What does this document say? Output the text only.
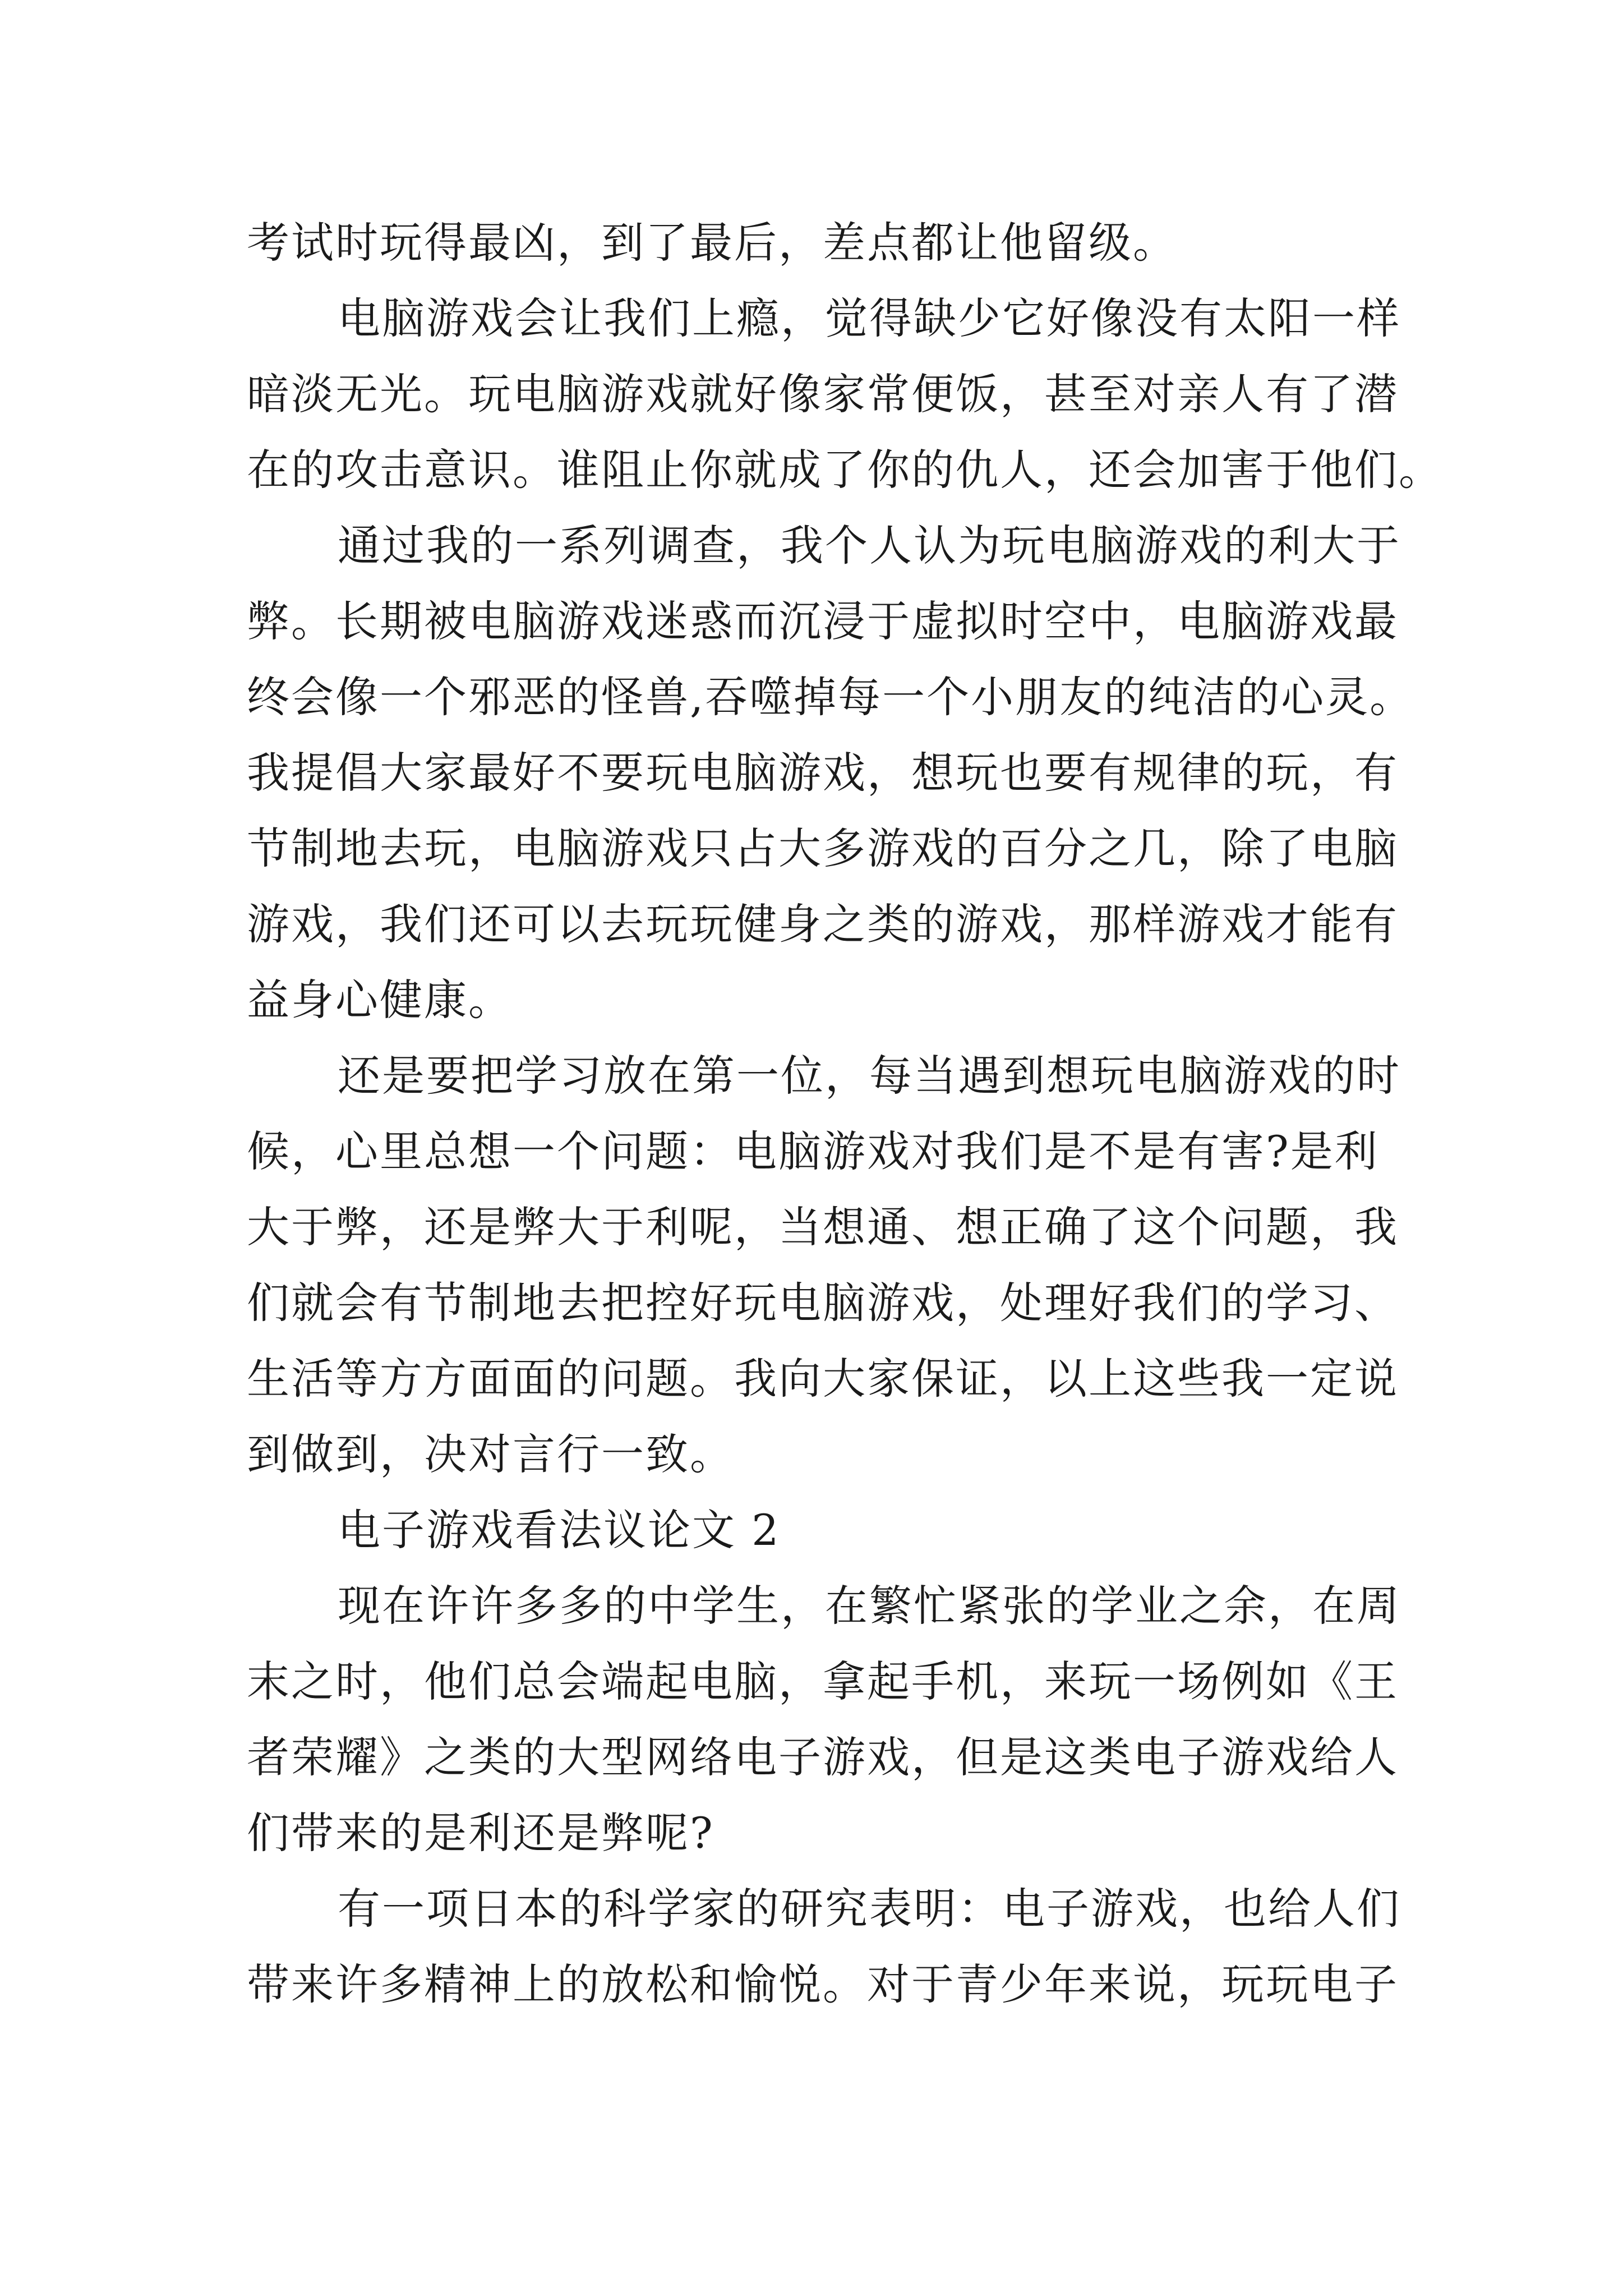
考试时玩得最凶，到了最后，差点都让他留级。
电脑游戏会让我们上瘾，觉得缺少它好像没有太阳一样
暗淡无光。玩电脑游戏就好像家常便饭，甚至对亲人有了潜
在的攻击意识。谁阻止你就成了你的仇人，还会加害于他们。
通过我的一系列调查，我个人认为玩电脑游戏的利大于
弊。长期被电脑游戏迷惑而沉浸于虚拟时空中，电脑游戏最
终会像一个邪恶的怪兽,吞噬掉每一个小朋友的纯洁的心灵。
我提倡大家最好不要玩电脑游戏，想玩也要有规律的玩，有
节制地去玩，电脑游戏只占大多游戏的百分之几，除了电脑
游戏，我们还可以去玩玩健身之类的游戏，那样游戏才能有
益身心健康。
还是要把学习放在第一位，每当遇到想玩电脑游戏的时
候，心里总想一个问题：电脑游戏对我们是不是有害?是利
大于弊，还是弊大于利呢，当想通、想正确了这个问题，我
们就会有节制地去把控好玩电脑游戏，处理好我们的学习、
生活等方方面面的问题。我向大家保证，以上这些我一定说
到做到，决对言行一致。
电子游戏看法议论文 2
现在许许多多的中学生，在繁忙紧张的学业之余，在周
末之时，他们总会端起电脑，拿起手机，来玩一场例如《王
者荣耀》之类的大型网络电子游戏，但是这类电子游戏给人
们带来的是利还是弊呢?
有一项日本的科学家的研究表明：电子游戏，也给人们
带来许多精神上的放松和愉悦。对于青少年来说，玩玩电子
